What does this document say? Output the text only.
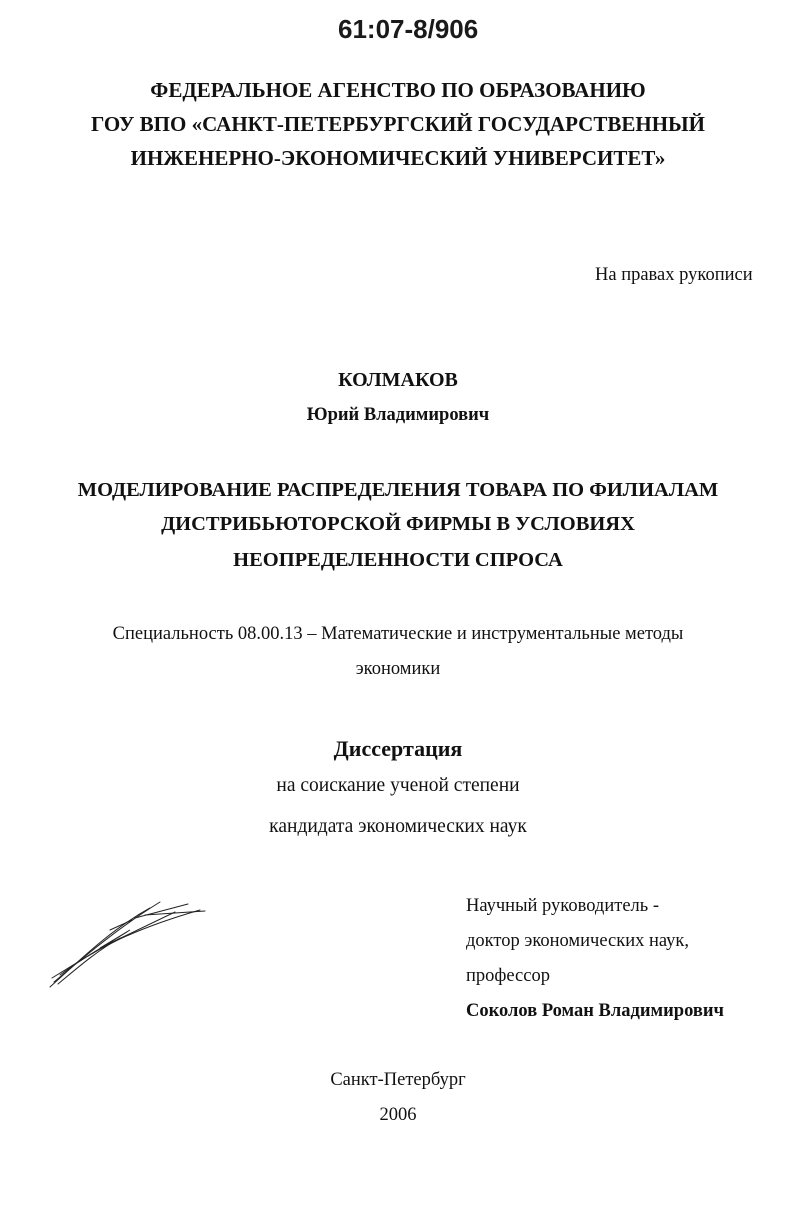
61:07-8/906
ФЕДЕРАЛЬНОЕ АГЕНСТВО ПО ОБРАЗОВАНИЮ
ГОУ ВПО «САНКТ-ПЕТЕРБУРГСКИЙ ГОСУДАРСТВЕННЫЙ
ИНЖЕНЕРНО-ЭКОНОМИЧЕСКИЙ УНИВЕРСИТЕТ»
На правах рукописи
КОЛМАКОВ
Юрий Владимирович
МОДЕЛИРОВАНИЕ РАСПРЕДЕЛЕНИЯ ТОВАРА ПО ФИЛИАЛАМ
ДИСТРИБЬЮТОРСКОЙ ФИРМЫ В УСЛОВИЯХ
НЕОПРЕДЕЛЕННОСТИ СПРОСА
Специальность 08.00.13 – Математические и инструментальные методы
экономики
Диссертация
на соискание ученой степени
кандидата экономических наук
Научный руководитель -
доктор экономических наук,
профессор
Соколов Роман Владимирович
Санкт-Петербург
2006
